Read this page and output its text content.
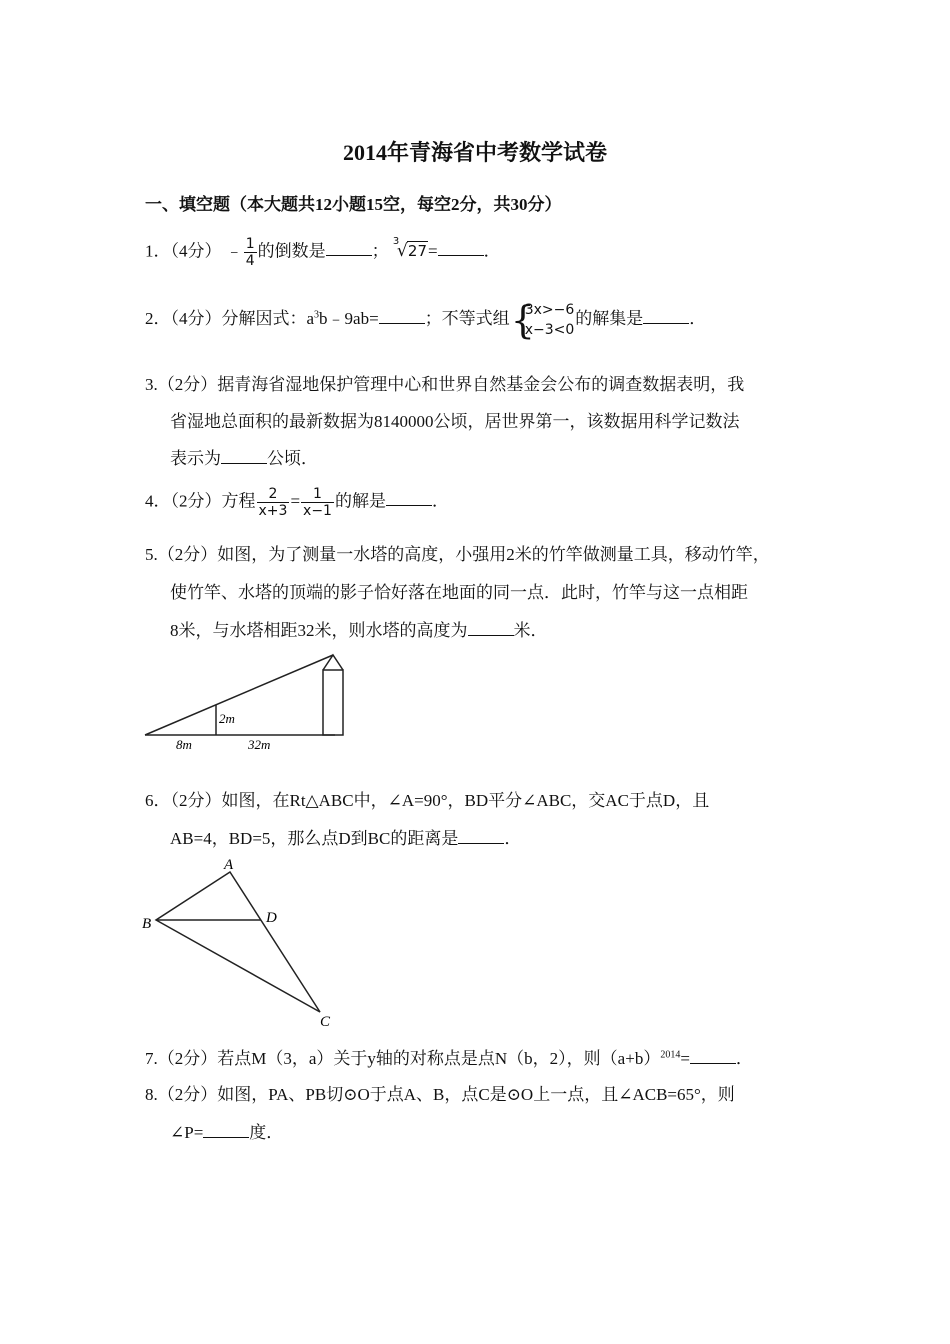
2014年青海省中考数学试卷
一、填空题（本大题共12小题15空，每空2分，共30分）
1．（4分） ﹣ $\frac{1}{4}$ 的倒数是	； 3
√ 27=	．
2．（4分）分解因式：$a^3b﹣9ab=$	；不等式组 {
3x>−6
x−3<0
的解集是	．
3.（2分）据青海省湿地保护管理中心和世界自然基金会公布的调查数据表明，我
省湿地总面积的最新数据为8140000公顷，居世界第一，该数据用科学记数法
表示为	公顷．
4．（2分）方程 $\frac{2}{x+3} = \frac{1}{x-1}$ 的解是	．
5.（2分）如图，为了测量一水塔的高度，小强用2米的竹竿做测量工具，移动竹竿，
使竹竿、水塔的顶端的影子恰好落在地面的同一点．此时，竹竿与这一点相距
8米，与水塔相距32米，则水塔的高度为	米．
2m
8m	32m
6．（2分）如图，在Rt△ABC中，∠A=90°，BD平分∠ABC，交AC于点D，且
AB=4，BD=5，那么点D到BC的距离是	．
A
B
C
D
7.（2分）若点M（3，a）关于y轴的对称点是点N（b，2），则$(a+b)^{2014}=$	．
8.（2分）如图，PA、PB切⊙O于点A、B，点C是⊙O上一点，且∠ACB=65°，则
∠P=	度．
